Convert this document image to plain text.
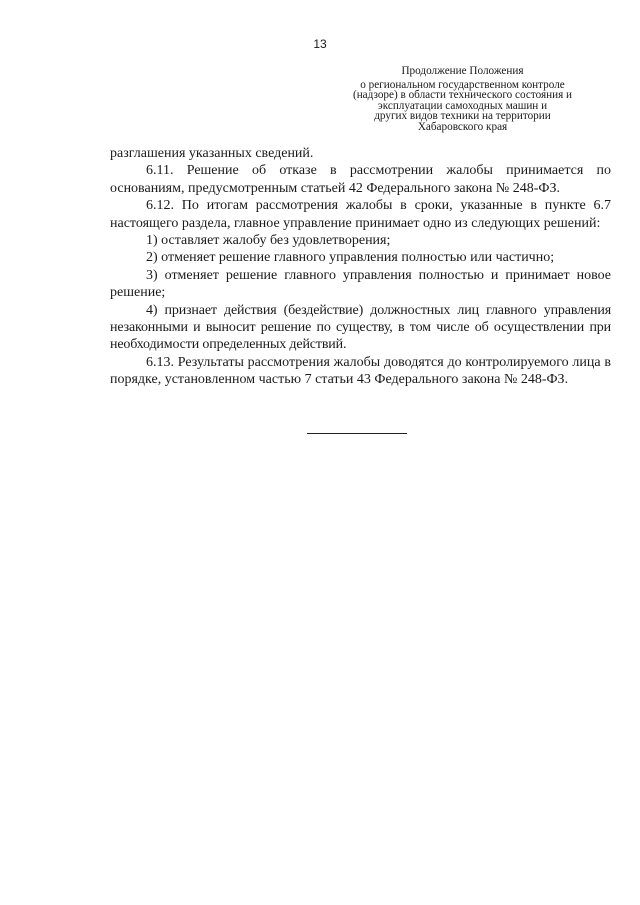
13
Продолжение Положения
о региональном государственном контроле
(надзоре) в области технического состояния и
эксплуатации самоходных машин и
других видов техники на территории
Хабаровского края

разглашения указанных сведений.

6.11. Решение об отказе в рассмотрении жалобы принимается по основаниям, предусмотренным статьей 42 Федерального закона № 248-ФЗ.

6.12. По итогам рассмотрения жалобы в сроки, указанные в пункте 6.7 настоящего раздела, главное управление принимает одно из следующих решений:

1) оставляет жалобу без удовлетворения;

2) отменяет решение главного управления полностью или частично;

3) отменяет решение главного управления полностью и принимает новое решение;

4) признает действия (бездействие) должностных лиц главного управления незаконными и выносит решение по существу, в том числе об осуществлении при необходимости определенных действий.

6.13. Результаты рассмотрения жалобы доводятся до контролируемого лица в порядке, установленном частью 7 статьи 43 Федерального закона № 248-ФЗ.
